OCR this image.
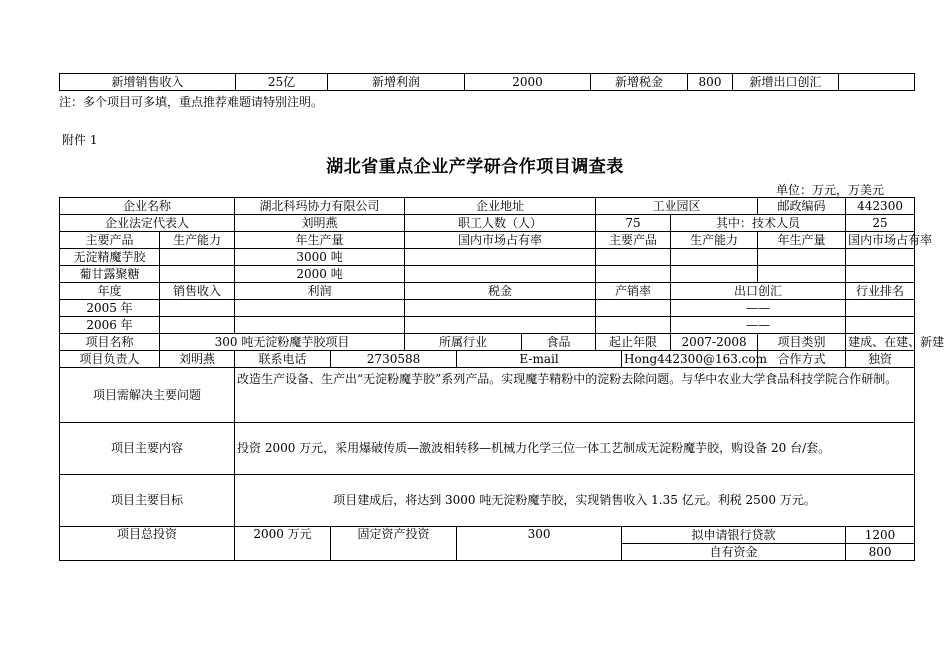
新增销售收入	25亿	新增利润	2000	新增税金	800	新增出口创汇	
注：多个项目可多填，重点推荐难题请特别注明。
附件 1
湖北省重点企业产学研合作项目调查表
单位：万元，万美元
企业名称		湖北科玛协力有限公司		企业地址			工业园区			邮政编码	442300
企业法定代表人		刘明燕		职工人数（人）			75		其中：技术人员		25
主要产品	生产能力	年生产量		国内市场占有率			主要产品		生产能力	年生产量	国内市场占有率
无淀精魔芋胶		3000 吨									
葡甘露聚糖		2000 吨									
年度	销售收入	利润		税金			产销率		出口创汇		行业排名
2005 年									——		
2006 年									——		
项目名称	300 吨无淀粉魔芋胶项目			所属行业		食品	起止年限		2007-2008	项目类别	建成、在建、新建
项目负责人	刘明燕	联系电话	2730588		E-mail			Hong442300@163.com		合作方式	独资
项目需解决主要问题		改造生产设备、生产出“无淀粉魔芋胶”系列产品。实现魔芋精粉中的淀粉去除问题。与华中农业大学食品科技学院合作研制。									
项目主要内容		投资 2000 万元，采用爆破传质—激波相转移—机械力化学三位一体工艺制成无淀粉魔芋胶，购设备 20 台/套。									
项目主要目标		项目建成后，将达到 3000 吨无淀粉魔芋胶，实现销售收入 1.35 亿元。利税 2500 万元。									
项目总投资		2000 万元	固定资产投资		300			拟申请银行贷款			1200
								自有资金			800
